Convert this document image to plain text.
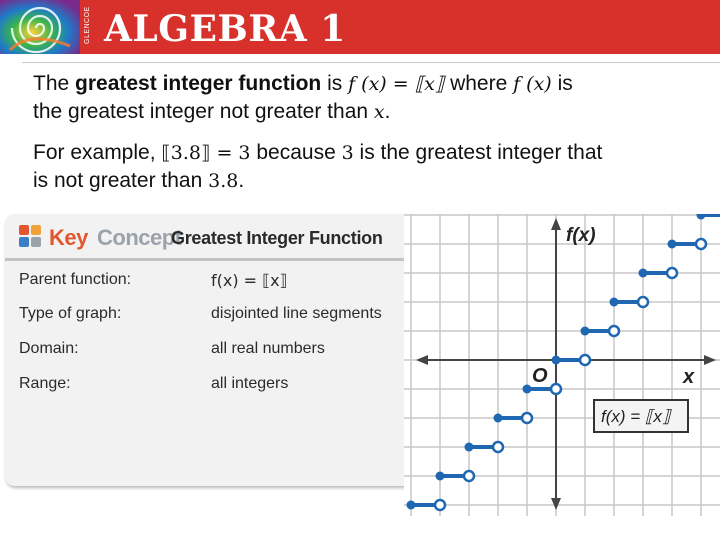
GLENCOE ALGEBRA 1
The greatest integer function is f (x) = ⟦x⟧ where f (x) is
the greatest integer not greater than x.
For example, ⟦3.8⟧ = 3 because 3 is the greatest integer that
is not greater than 3.8.
Key Concept
Greatest Integer Function
Parent function:	f(x) = ⟦x⟧
Type of graph:	disjointed line segments
Domain:	all real numbers
Range:	all integers
f(x)
x
O
f(x) = ⟦x⟧
